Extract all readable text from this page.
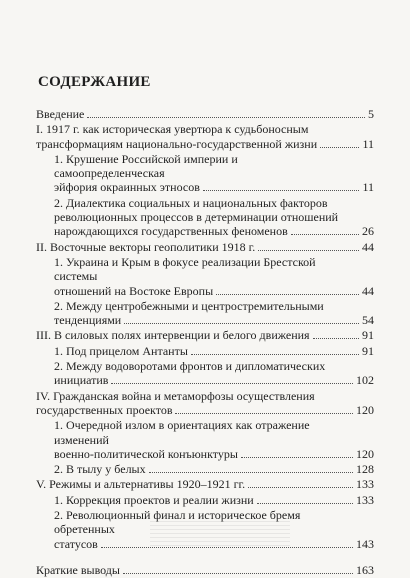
СОДЕРЖАНИЕ
Введение	5
I. 1917 г. как историческая увертюра к судьбоносным
трансформациям национально-государственной жизни	11
1. Крушение Российской империи и самоопределенческая
эйфория окраинных этносов	11
2. Диалектика социальных и национальных факторов
революционных процессов в детерминации отношений
нарождающихся государственных феноменов	26
II. Восточные векторы геополитики 1918 г.	44
1. Украина и Крым в фокусе реализации Брестской системы
отношений на Востоке Европы	44
2. Между центробежными и центростремительными
тенденциями	54
III. В силовых полях интервенции и белого движения	91
1. Под прицелом Антанты	91
2. Между водоворотами фронтов и дипломатических
инициатив	102
IV. Гражданская война и метаморфозы осуществления
государственных проектов	120
1. Очередной излом в ориентациях как отражение изменений
военно-политической конъюнктуры	120
2. В тылу у белых	128
V. Режимы и альтернативы 1920–1921 гг.	133
1. Коррекция проектов и реалии жизни	133
2. Революционный финал и историческое бремя обретенных
статусов	143
Краткие выводы	163
